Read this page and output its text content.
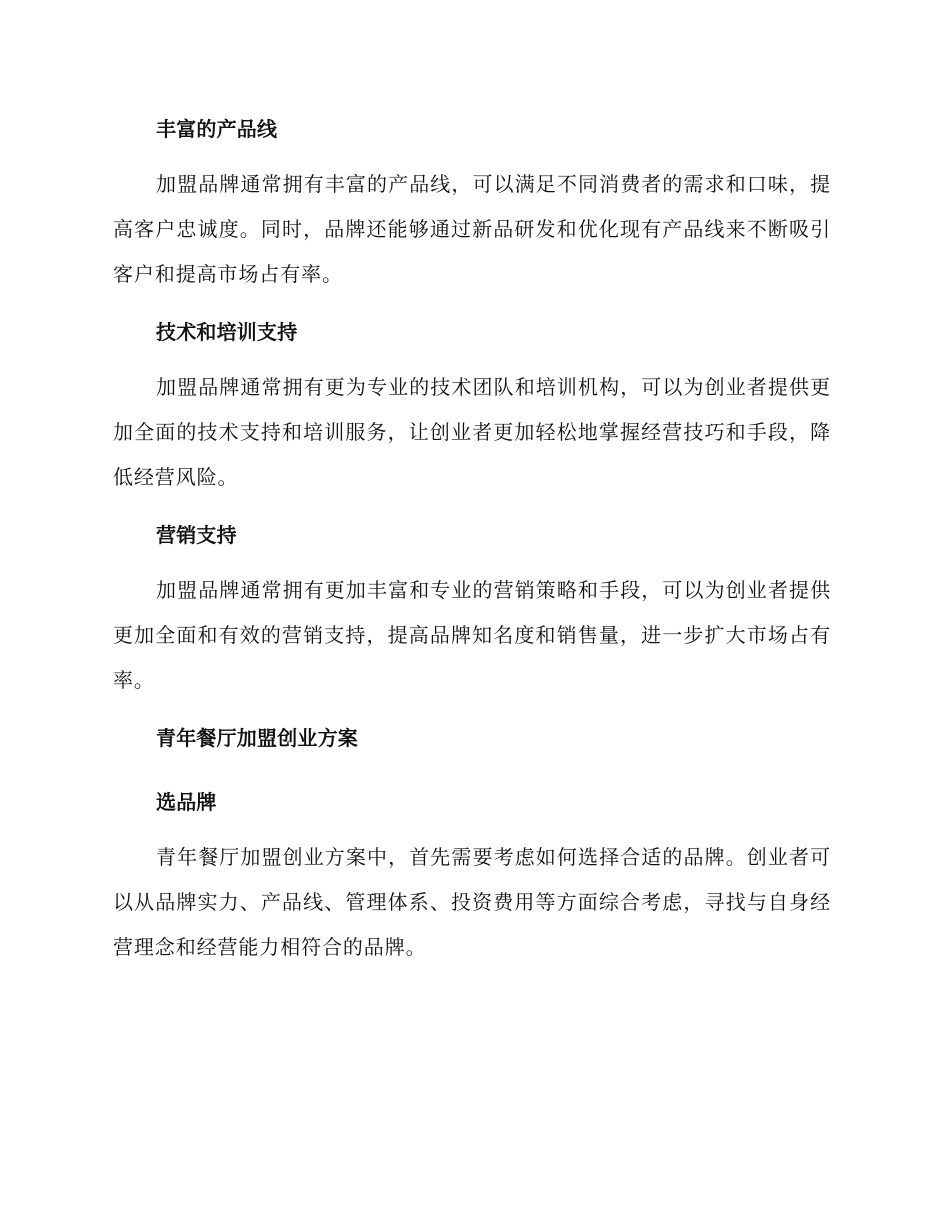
丰富的产品线

加盟品牌通常拥有丰富的产品线，可以满足不同消费者的需求和口味，提高客户忠诚度。同时，品牌还能够通过新品研发和优化现有产品线来不断吸引客户和提高市场占有率。

技术和培训支持

加盟品牌通常拥有更为专业的技术团队和培训机构，可以为创业者提供更加全面的技术支持和培训服务，让创业者更加轻松地掌握经营技巧和手段，降低经营风险。

营销支持

加盟品牌通常拥有更加丰富和专业的营销策略和手段，可以为创业者提供更加全面和有效的营销支持，提高品牌知名度和销售量，进一步扩大市场占有率。

青年餐厅加盟创业方案
选品牌

青年餐厅加盟创业方案中，首先需要考虑如何选择合适的品牌。创业者可以从品牌实力、产品线、管理体系、投资费用等方面综合考虑，寻找与自身经营理念和经营能力相符合的品牌。
